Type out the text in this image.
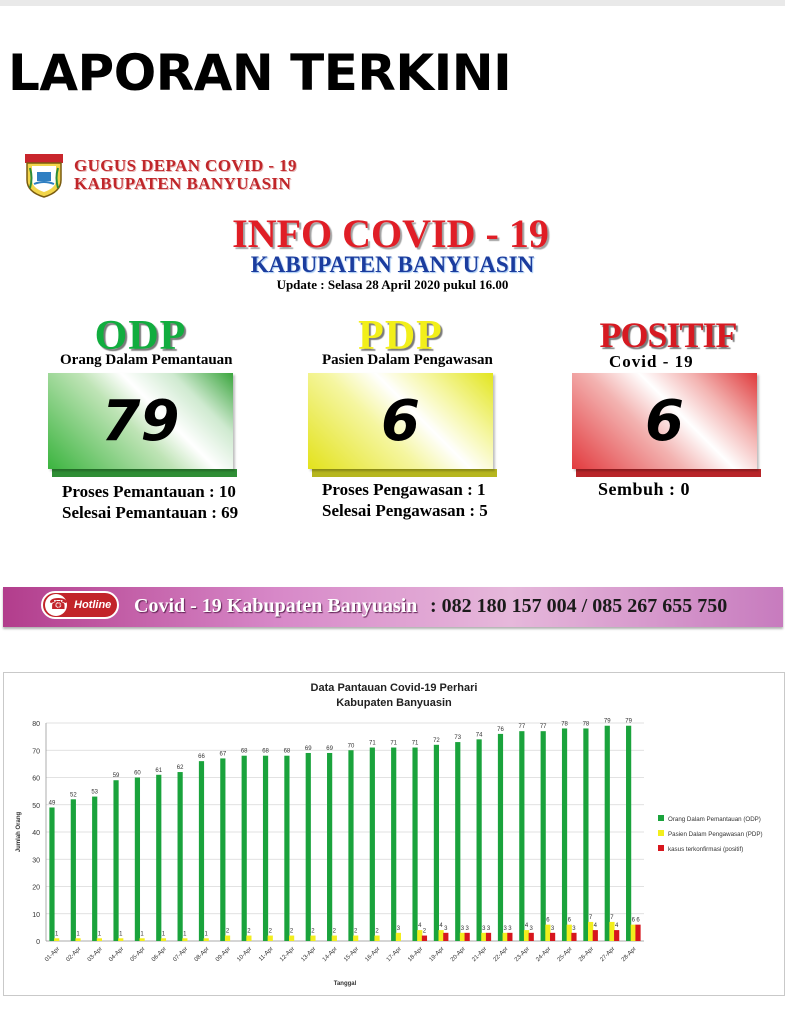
LAPORAN TERKINI
GUGUS DEPAN COVID - 19
KABUPATEN BANYUASIN
INFO COVID - 19
KABUPATEN BANYUASIN
Update : Selasa 28 April 2020 pukul 16.00
ODP
Orang Dalam Pemantauan
79
Proses Pemantauan : 10
Selesai Pemantauan : 69
PDP
Pasien Dalam Pengawasan
6
Proses Pengawasan : 1
Selesai Pengawasan : 5
POSITIF
Covid - 19
6
Sembuh : 0
☎
Hotline Covid - 19 Kabupaten Banyuasin : 082 180 157 004 / 085 267 655 750
Data Pantauan Covid-19 Perhari
Kabupaten Banyuasin
0
10
20
30
40
50
60
70
80
Jumlah Orang
Tanggal
49
1
01-Apr
52
1
02-Apr
53
1
03-Apr
59
1
04-Apr
60
1
05-Apr
61
1
06-Apr
62
1
07-Apr
66
1
08-Apr
67
2
09-Apr
68
2
10-Apr
68
2
11-Apr
68
2
12-Apr
69
2
13-Apr
69
2
14-Apr
70
2
15-Apr
71
2
16-Apr
71
3
17-Apr
71
4
2
18-Apr
72
4 3
19-Apr
73
3 3
20-Apr
74
3 3
21-Apr
76
3 3
22-Apr
77
4 3
23-Apr
77
6
3
24-Apr
78
6
3
25-Apr
78
7
4
26-Apr
79
7
4
27-Apr
79
6 6
28-Apr
Orang Dalam Pemantauan (ODP)
Pasien Dalam Pengawasan (PDP)
kasus terkonfirmasi (positif)
